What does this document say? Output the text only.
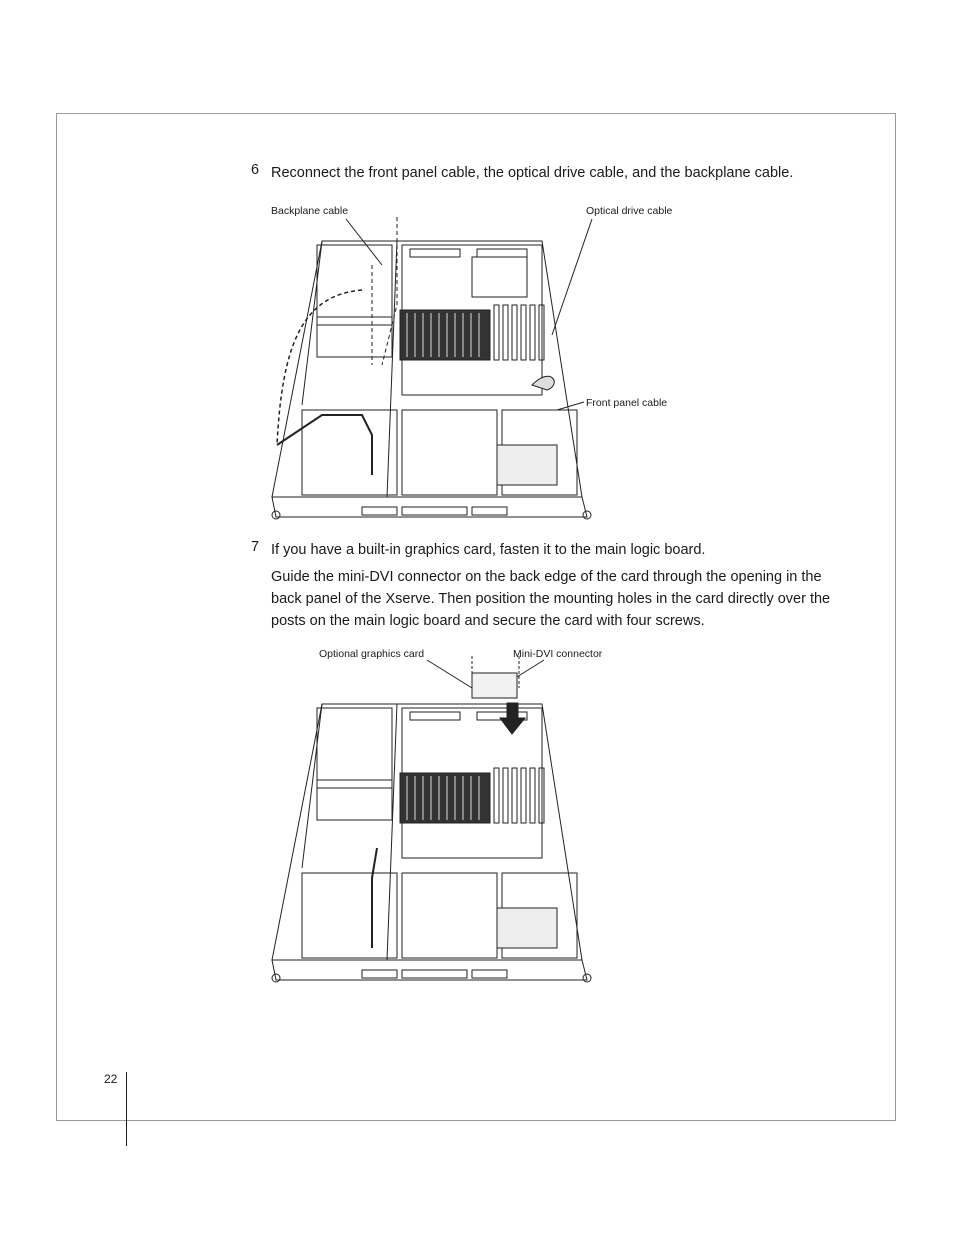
6 Reconnect the front panel cable, the optical drive cable, and the backplane cable.
Backplane cable	Optical drive cable
Front panel cable
7 If you have a built-in graphics card, fasten it to the main logic board.
Guide the mini-DVI connector on the back edge of the card through the opening in the back panel of the Xserve. Then position the mounting holes in the card directly over the posts on the main logic board and secure the card with four screws.
Optional graphics card	Mini-DVI connector
22
